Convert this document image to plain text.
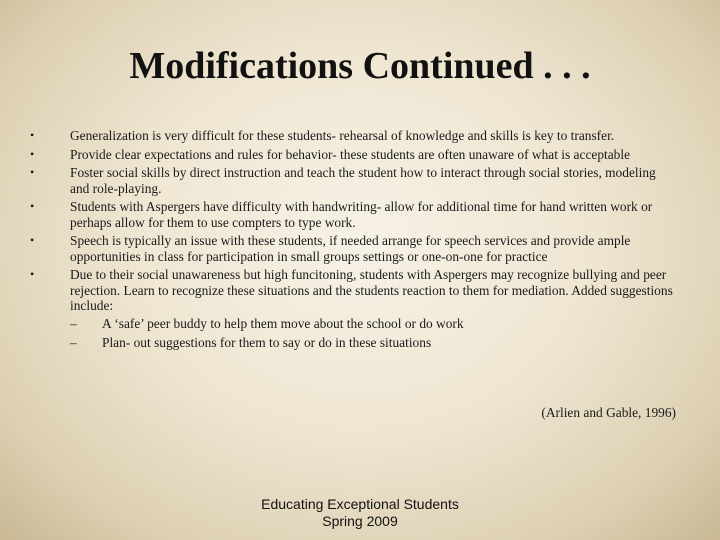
Modifications Continued . . .
•	Generalization is very difficult for these students- rehearsal of knowledge and skills is key to transfer.
•	Provide clear expectations and rules for behavior- these students are often unaware of what is acceptable
•	Foster social skills by direct instruction and teach the student how to interact through social stories, modeling and role-playing.
•	Students with Aspergers have difficulty with handwriting- allow for additional time for hand written work or perhaps allow for them to use compters to type work.
•	Speech is typically an issue with these students, if needed arrange for speech services and provide ample opportunities in class for participation in small groups settings or one-on-one for practice
•	Due to their social unawareness but high funcitoning, students with Aspergers may recognize bullying and peer rejection. Learn to recognize these situations and the students reaction to them for mediation. Added suggestions include:
– A ‘safe’ peer buddy to help them move about the school or do work
– Plan- out suggestions for them to say or do in these situations
(Arlien and Gable, 1996)
Educating Exceptional Students
Spring 2009
